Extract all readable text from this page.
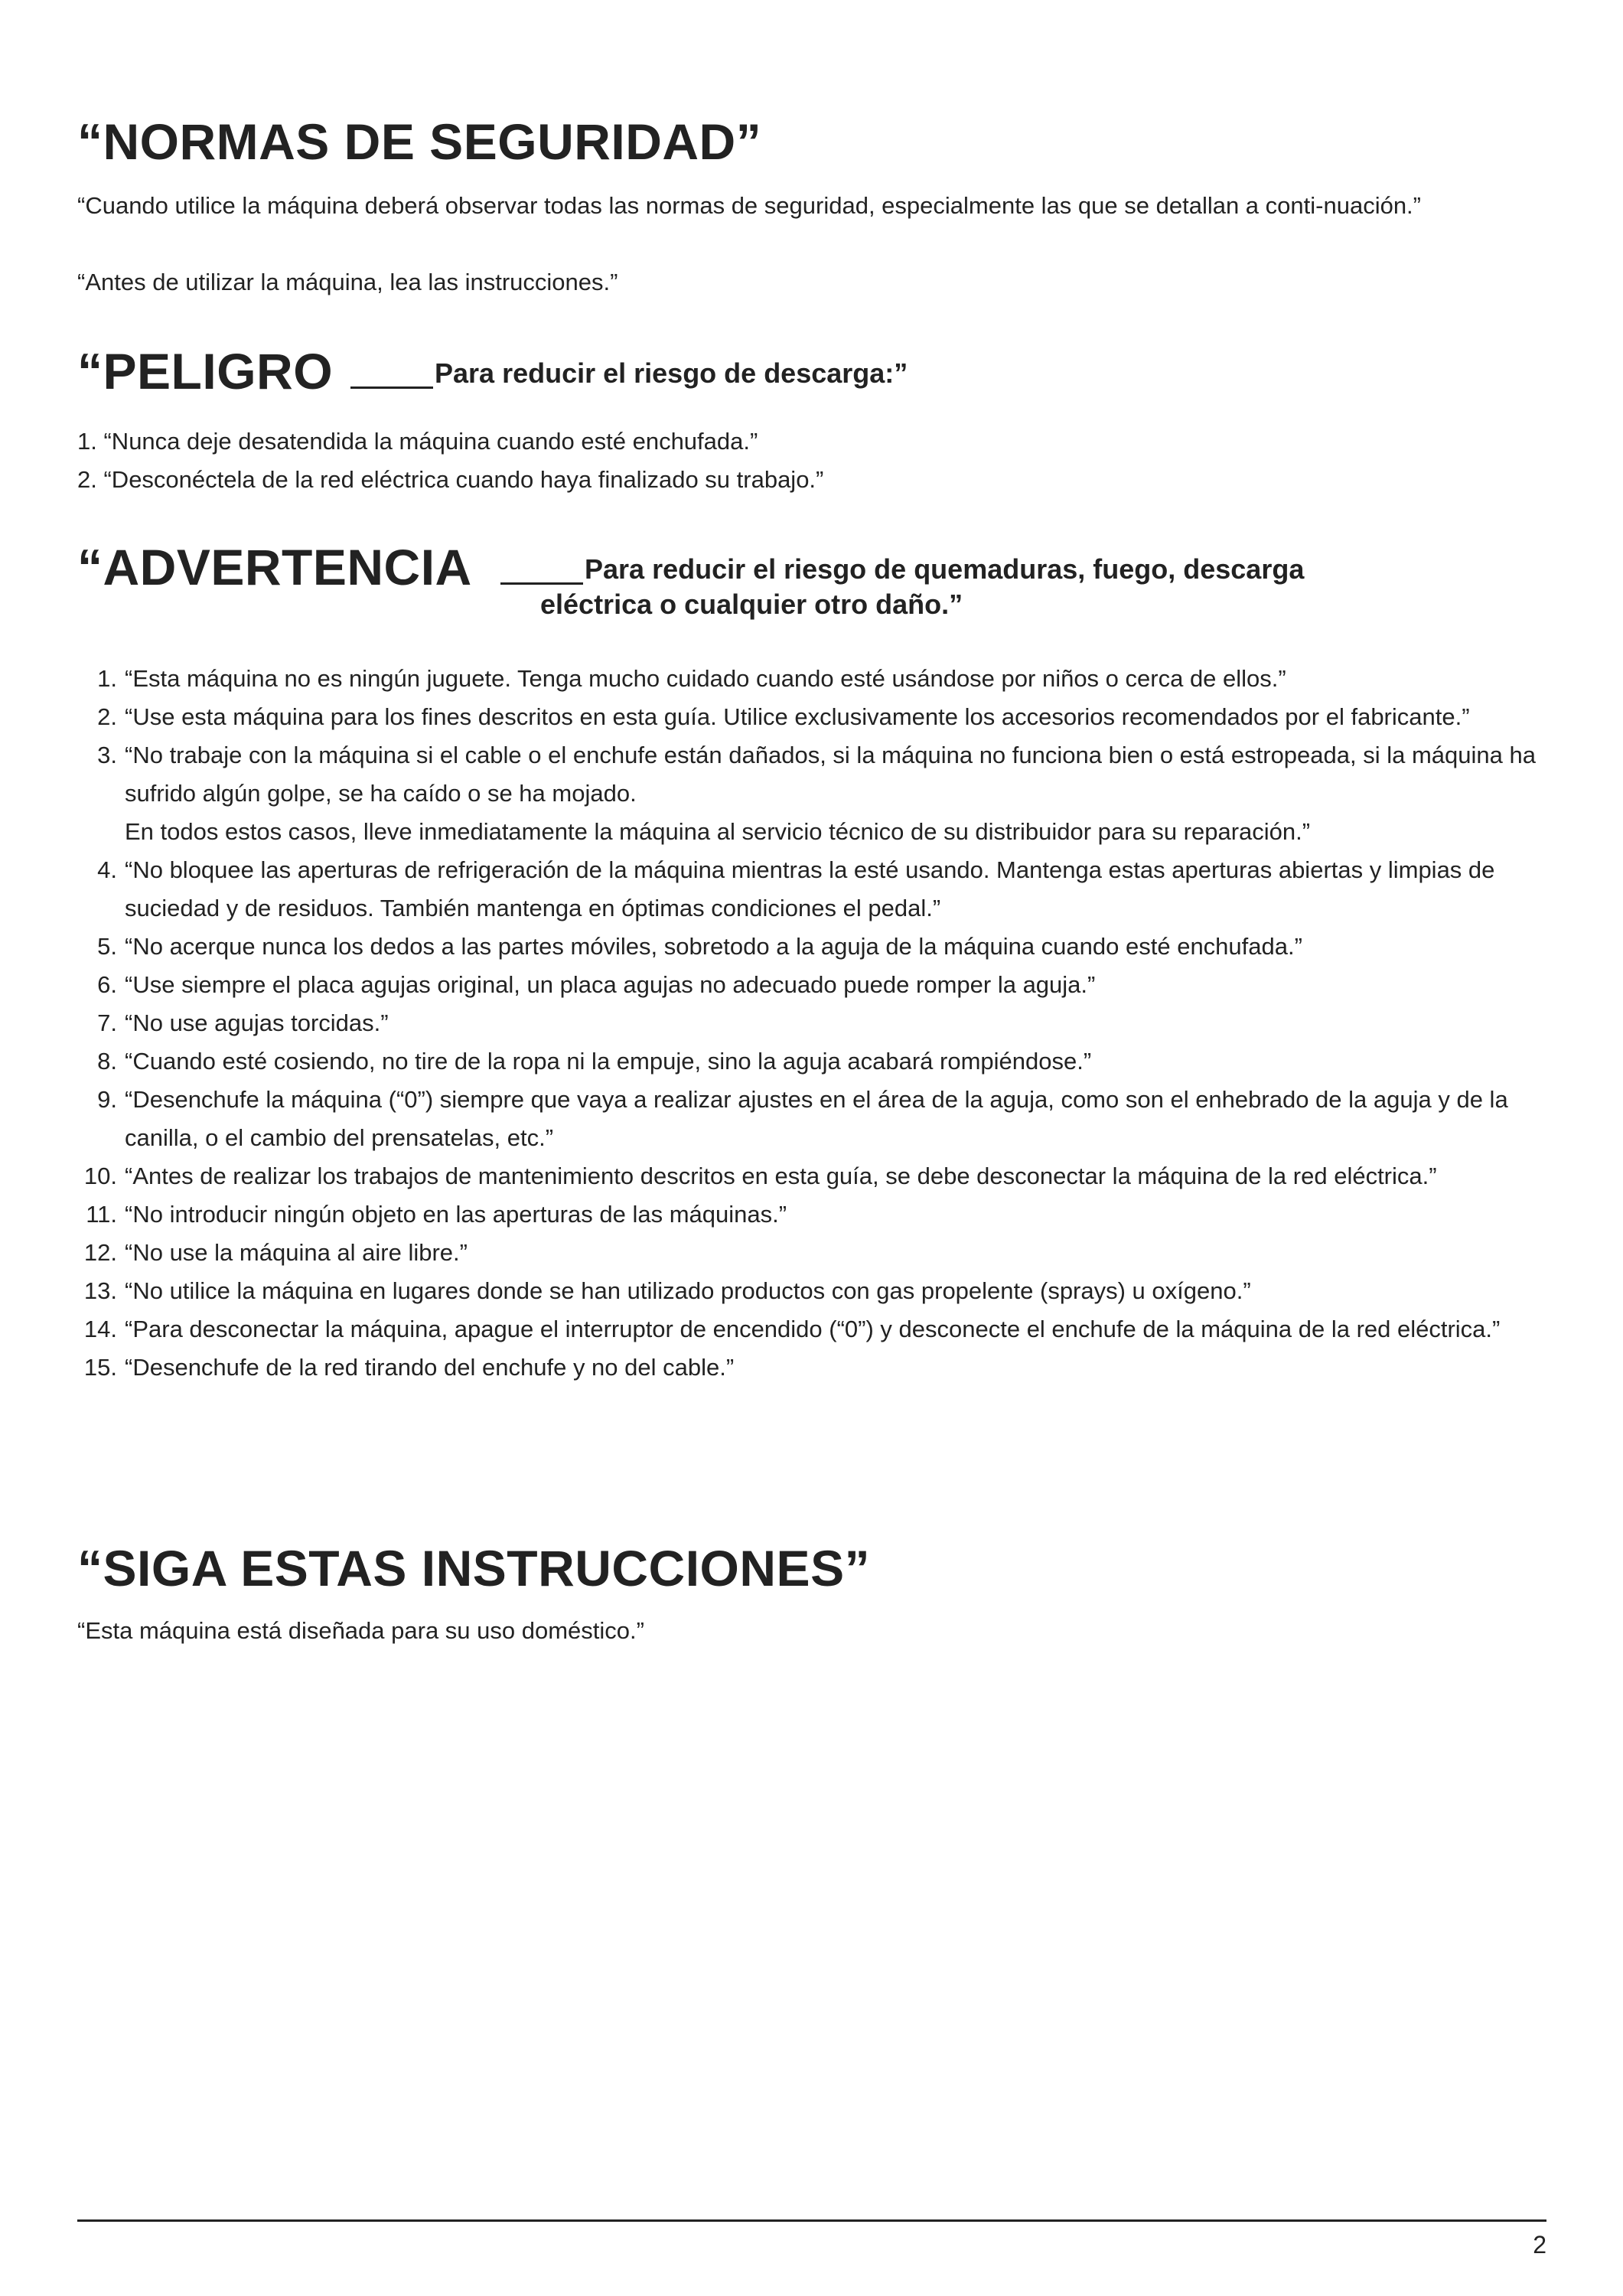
“NORMAS DE SEGURIDAD”
“Cuando utilice la máquina deberá observar todas las normas de seguridad, especialmente las que se detallan a conti-nuación.”
“Antes de utilizar la máquina, lea las instrucciones.”
“PELIGRO	Para reducir el riesgo de descarga:”
1. “Nunca deje desatendida la máquina cuando esté enchufada.”
2. “Desconéctela de la red eléctrica cuando haya finalizado su trabajo.”
“ADVERTENCIA	Para reducir el riesgo de quemaduras, fuego, descarga
eléctrica o cualquier otro daño.”
1. “Esta máquina no es ningún juguete. Tenga mucho cuidado cuando esté usándose por niños o cerca de ellos.”
2. “Use esta máquina para los fines descritos en esta guía. Utilice exclusivamente los accesorios recomendados por el fabricante.”
3. “No trabaje con la máquina si el cable o el enchufe están dañados, si la máquina no funciona bien o está estropeada, si la máquina ha sufrido algún golpe, se ha caído o se ha mojado.
En todos estos casos, lleve inmediatamente la máquina al servicio técnico de su distribuidor para su reparación.”
4. “No bloquee las aperturas de refrigeración de la máquina mientras la esté usando. Mantenga estas aperturas abiertas y limpias de suciedad y de residuos. También mantenga en óptimas condiciones el pedal.”
5. “No acerque nunca los dedos a las partes móviles, sobretodo a la aguja de la máquina cuando esté enchufada.”
6. “Use siempre el placa agujas original, un placa agujas no adecuado puede romper la aguja.”
7. “No use agujas torcidas.”
8. “Cuando esté cosiendo, no tire de la ropa ni la empuje, sino la aguja acabará rompiéndose.”
9. “Desenchufe la máquina (“0”) siempre que vaya a realizar ajustes en el área de la aguja, como son el enhebrado de la aguja y de la canilla, o el cambio del prensatelas, etc.”
10. “Antes de realizar los trabajos de mantenimiento descritos en esta guía, se debe desconectar la máquina de la red eléctrica.”
11. “No introducir ningún objeto en las aperturas de las máquinas.”
12. “No use la máquina al aire libre.”
13. “No utilice la máquina en lugares donde se han utilizado productos con gas propelente (sprays) u oxígeno.”
14. “Para desconectar la máquina, apague el interruptor de encendido (“0”) y desconecte el enchufe de la máquina de la red eléctrica.”
15. “Desenchufe de la red tirando del enchufe y no del cable.”
“SIGA ESTAS INSTRUCCIONES”
“Esta máquina está diseñada para su uso doméstico.”
2
